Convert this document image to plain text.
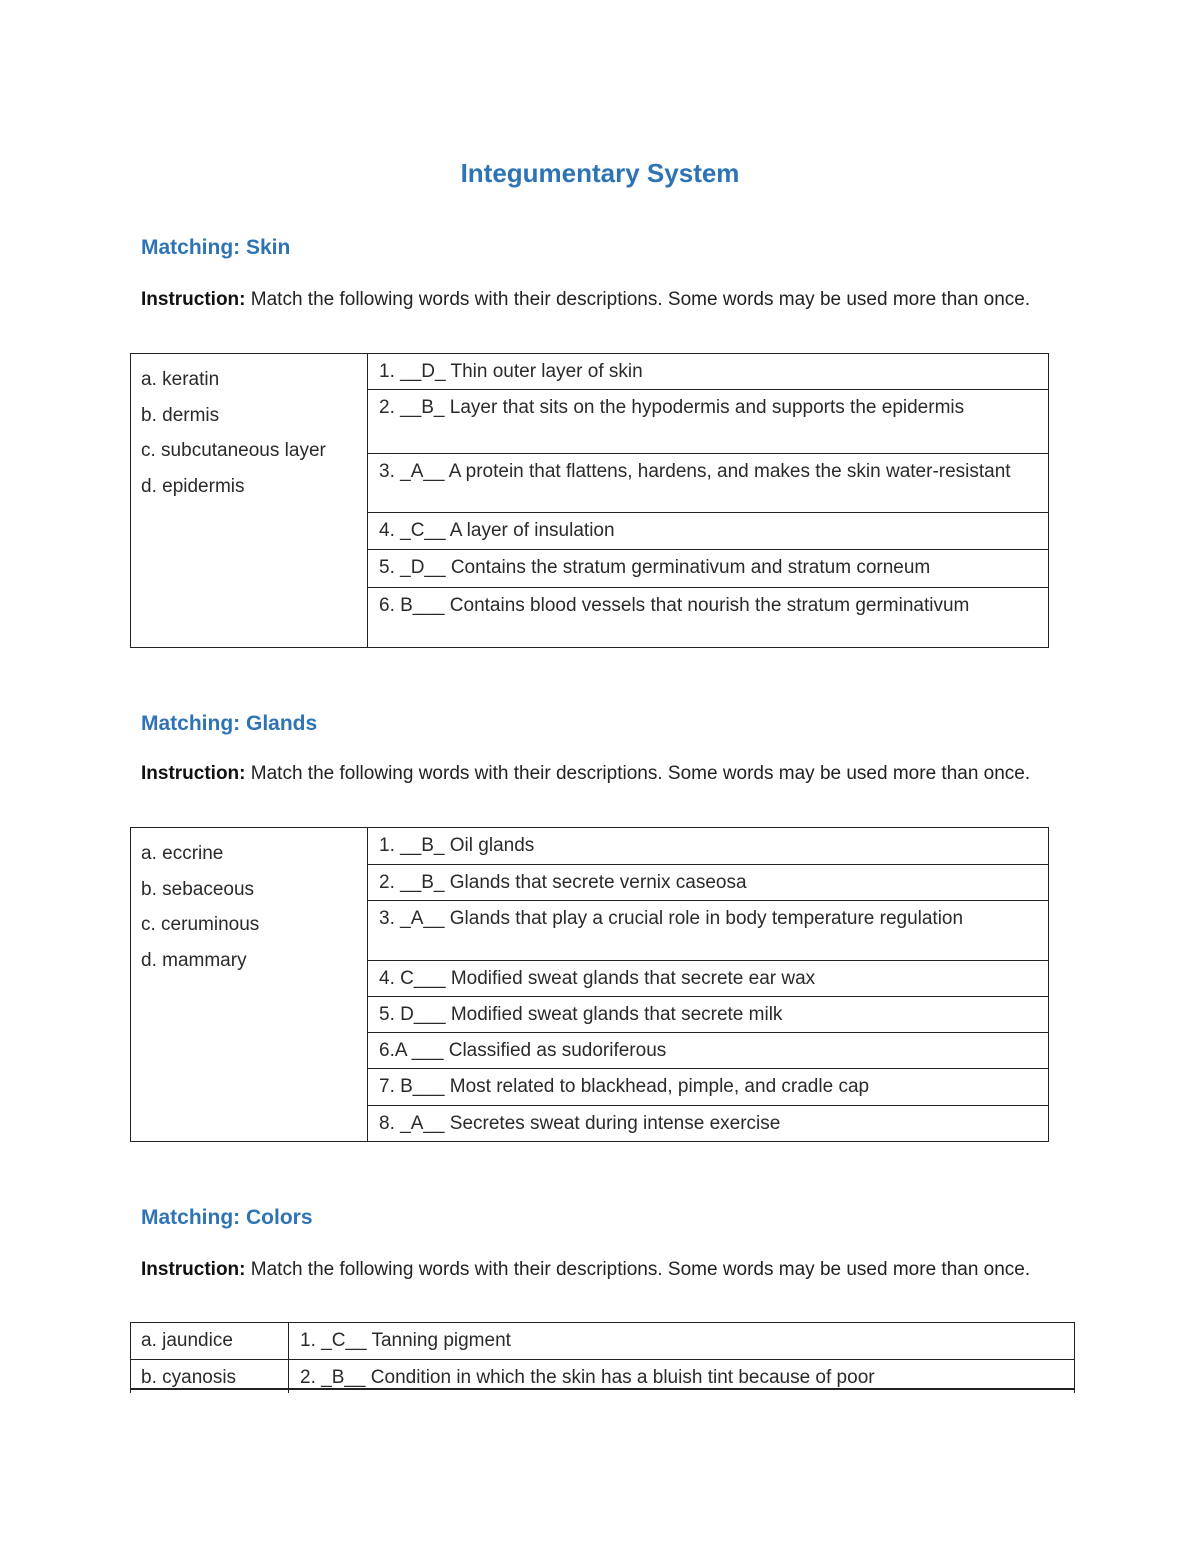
Integumentary System
Matching: Skin
Instruction: Match the following words with their descriptions. Some words may be used more than once.
a. keratin
b. dermis
c. subcutaneous layer
d. epidermis

1. __D_ Thin outer layer of skin

2. __B_ Layer that sits on the hypodermis and supports the epidermis

3. _A__ A protein that flattens, hardens, and makes the skin water-resistant

4. _C__ A layer of insulation

5. _D__ Contains the stratum germinativum and stratum corneum

6. B___ Contains blood vessels that nourish the stratum germinativum
Matching: Glands
Instruction: Match the following words with their descriptions. Some words may be used more than once.
a. eccrine
b. sebaceous
c. ceruminous
d. mammary

1. __B_ Oil glands

2. __B_ Glands that secrete vernix caseosa

3. _A__ Glands that play a crucial role in body temperature regulation

4. C___ Modified sweat glands that secrete ear wax

5. D___ Modified sweat glands that secrete milk

6.A ___ Classified as sudoriferous

7. B___ Most related to blackhead, pimple, and cradle cap

8. _A__ Secretes sweat during intense exercise
Matching: Colors
Instruction: Match the following words with their descriptions. Some words may be used more than once.
a. jaundice	1. _C__ Tanning pigment

b. cyanosis	2. _B__ Condition in which the skin has a bluish tint because of poor
